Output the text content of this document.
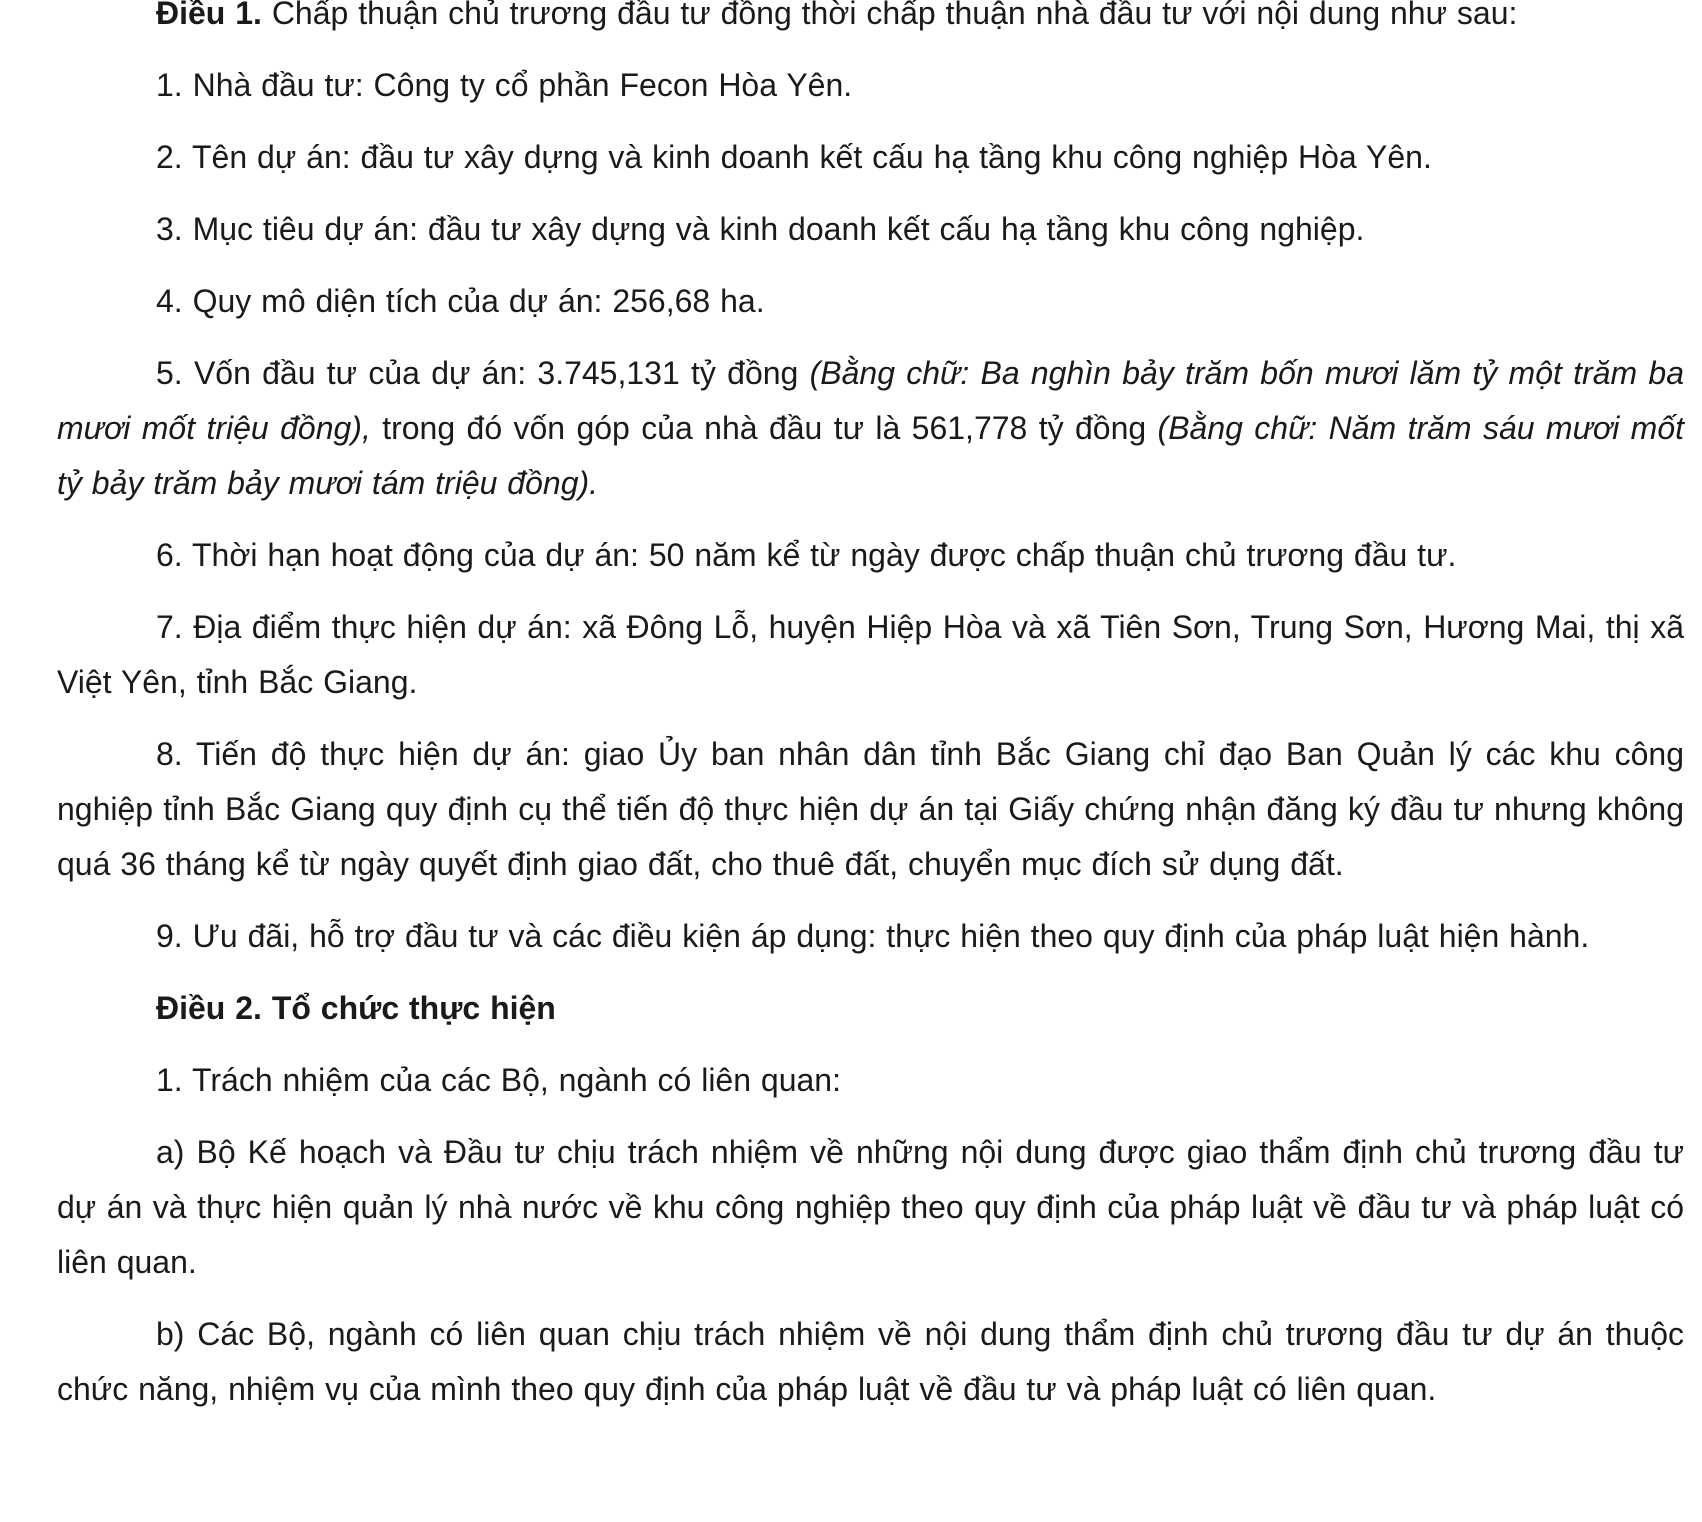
Điều 1. Chấp thuận chủ trương đầu tư đồng thời chấp thuận nhà đầu tư với nội dung như sau:

1. Nhà đầu tư: Công ty cổ phần Fecon Hòa Yên.

2. Tên dự án: đầu tư xây dựng và kinh doanh kết cấu hạ tầng khu công nghiệp Hòa Yên.

3. Mục tiêu dự án: đầu tư xây dựng và kinh doanh kết cấu hạ tầng khu công nghiệp.

4. Quy mô diện tích của dự án: 256,68 ha.

5. Vốn đầu tư của dự án: 3.745,131 tỷ đồng (Bằng chữ: Ba nghìn bảy trăm bốn mươi lăm tỷ một trăm ba mươi mốt triệu đồng), trong đó vốn góp của nhà đầu tư là 561,778 tỷ đồng (Bằng chữ: Năm trăm sáu mươi mốt tỷ bảy trăm bảy mươi tám triệu đồng).

6. Thời hạn hoạt động của dự án: 50 năm kể từ ngày được chấp thuận chủ trương đầu tư.

7. Địa điểm thực hiện dự án: xã Đông Lỗ, huyện Hiệp Hòa và xã Tiên Sơn, Trung Sơn, Hương Mai, thị xã Việt Yên, tỉnh Bắc Giang.

8. Tiến độ thực hiện dự án: giao Ủy ban nhân dân tỉnh Bắc Giang chỉ đạo Ban Quản lý các khu công nghiệp tỉnh Bắc Giang quy định cụ thể tiến độ thực hiện dự án tại Giấy chứng nhận đăng ký đầu tư nhưng không quá 36 tháng kể từ ngày quyết định giao đất, cho thuê đất, chuyển mục đích sử dụng đất.

9. Ưu đãi, hỗ trợ đầu tư và các điều kiện áp dụng: thực hiện theo quy định của pháp luật hiện hành.

Điều 2. Tổ chức thực hiện

1. Trách nhiệm của các Bộ, ngành có liên quan:

a) Bộ Kế hoạch và Đầu tư chịu trách nhiệm về những nội dung được giao thẩm định chủ trương đầu tư dự án và thực hiện quản lý nhà nước về khu công nghiệp theo quy định của pháp luật về đầu tư và pháp luật có liên quan.

b) Các Bộ, ngành có liên quan chịu trách nhiệm về nội dung thẩm định chủ trương đầu tư dự án thuộc chức năng, nhiệm vụ của mình theo quy định của pháp luật về đầu tư và pháp luật có liên quan.
